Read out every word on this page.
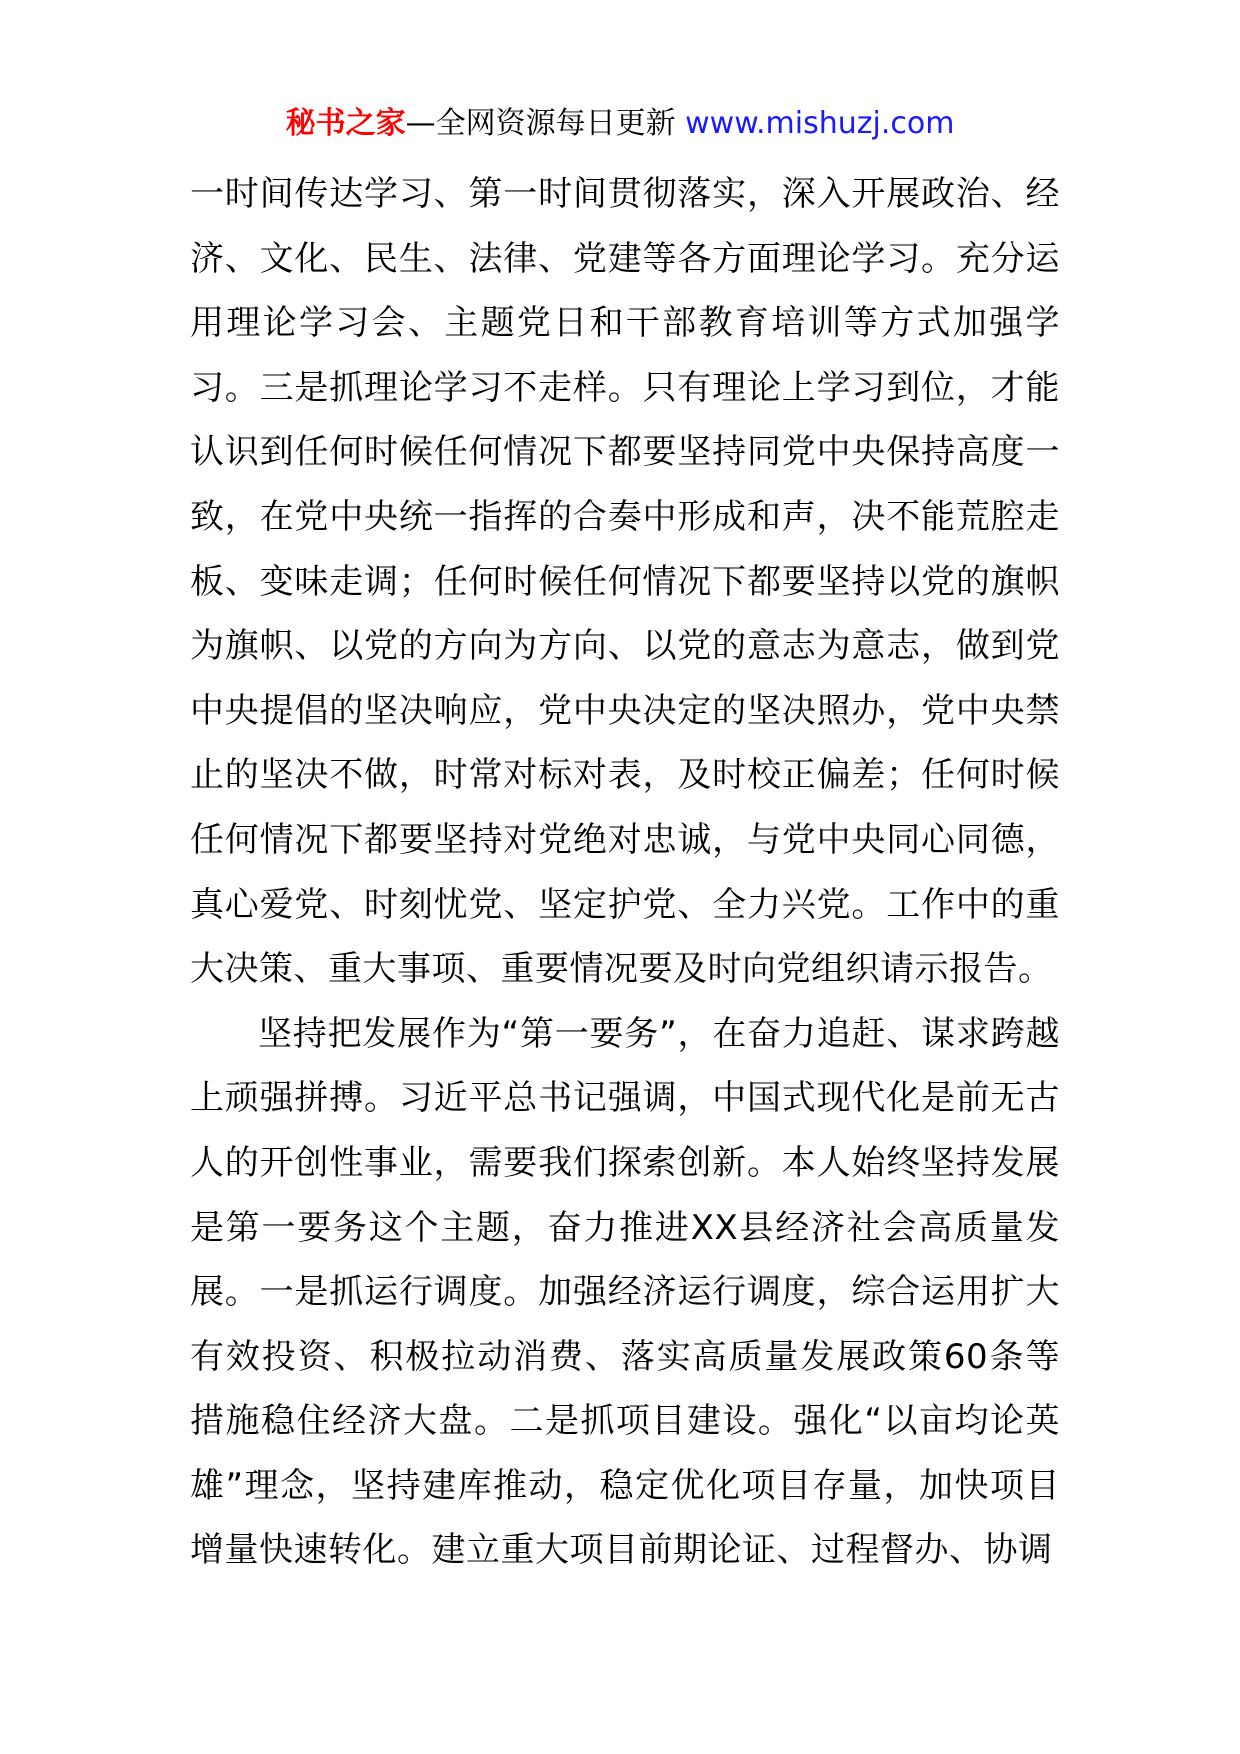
秘书之家—全网资源每日更新 www.mishuzj.com

一时间传达学习、第一时间贯彻落实，深入开展政治、经济、文化、民生、法律、党建等各方面理论学习。充分运用理论学习会、主题党日和干部教育培训等方式加强学习。三是抓理论学习不走样。只有理论上学习到位，才能认识到任何时候任何情况下都要坚持同党中央保持高度一致，在党中央统一指挥的合奏中形成和声，决不能荒腔走板、变味走调；任何时候任何情况下都要坚持以党的旗帜为旗帜、以党的方向为方向、以党的意志为意志，做到党中央提倡的坚决响应，党中央决定的坚决照办，党中央禁止的坚决不做，时常对标对表，及时校正偏差；任何时候任何情况下都要坚持对党绝对忠诚，与党中央同心同德，真心爱党、时刻忧党、坚定护党、全力兴党。工作中的重大决策、重大事项、重要情况要及时向党组织请示报告。

坚持把发展作为“第一要务”，在奋力追赶、谋求跨越上顽强拼搏。习近平总书记强调，中国式现代化是前无古人的开创性事业，需要我们探索创新。本人始终坚持发展是第一要务这个主题，奋力推进XX县经济社会高质量发展。一是抓运行调度。加强经济运行调度，综合运用扩大有效投资、积极拉动消费、落实高质量发展政策60条等措施稳住经济大盘。二是抓项目建设。强化“以亩均论英雄”理念，坚持建库推动，稳定优化项目存量，加快项目增量快速转化。建立重大项目前期论证、过程督办、协调
